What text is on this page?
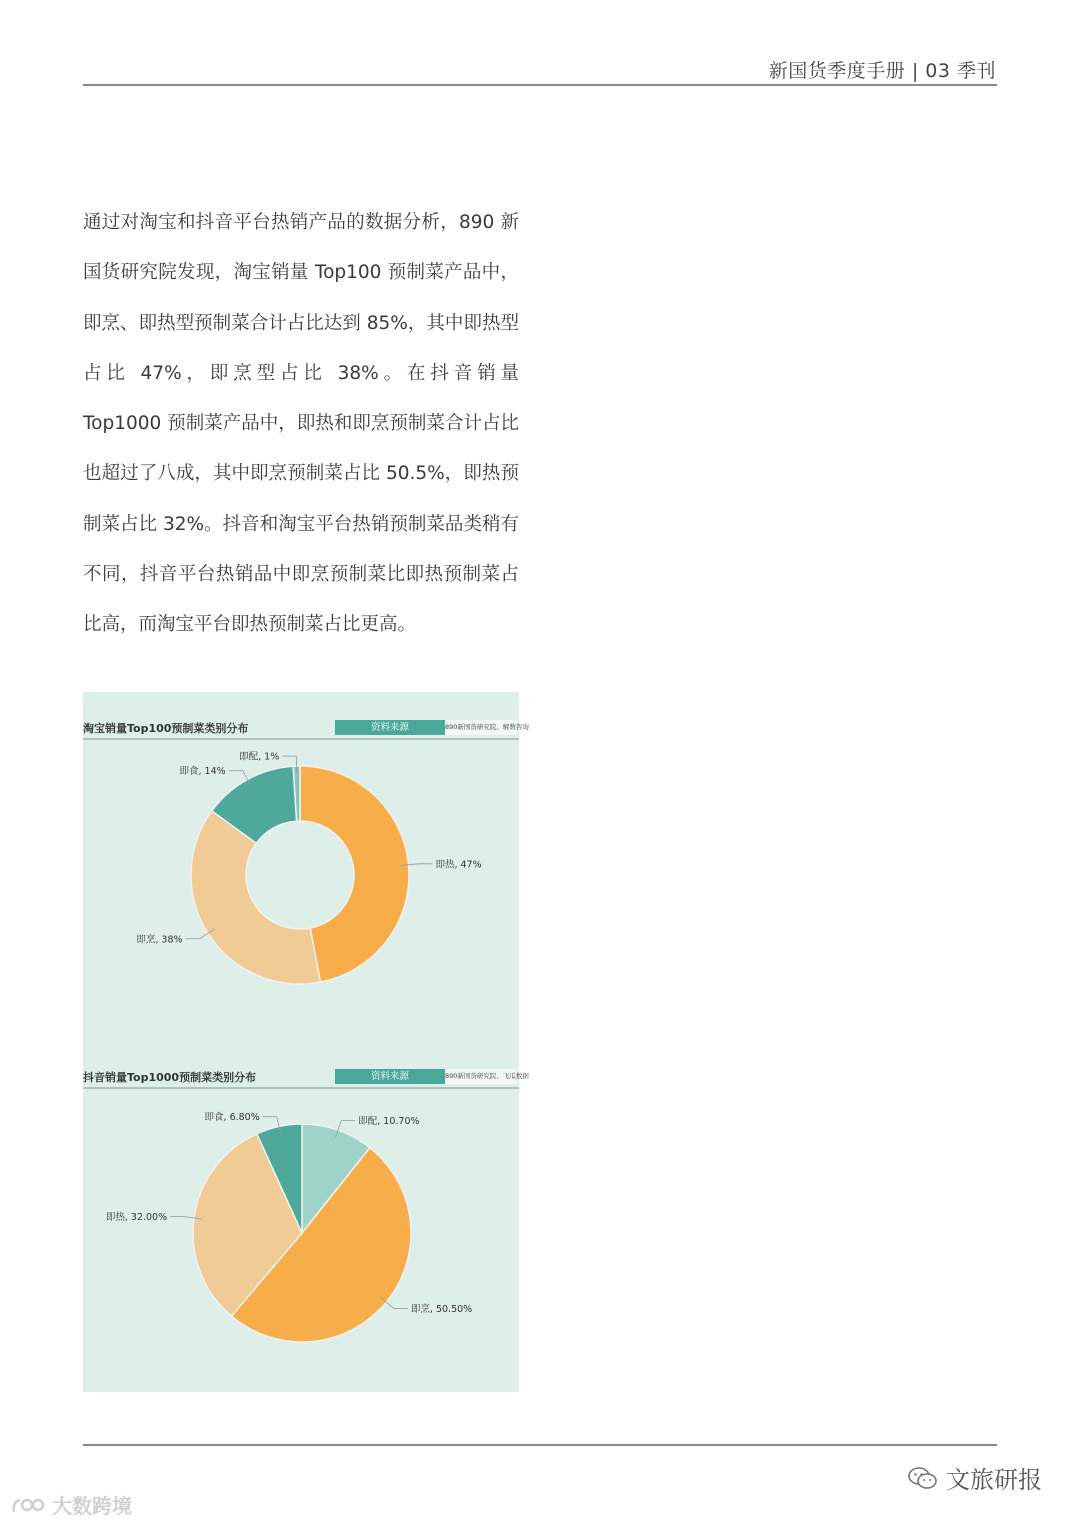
新国货季度手册 | 03 季刊

通过对淘宝和抖音平台热销产品的数据分析，890 新国货研究院发现，淘宝销量 Top100 预制菜产品中，即烹、即热型预制菜合计占比达到 85%，其中即热型占比 47%，即烹型占比 38%。在抖音销量 Top1000 预制菜产品中，即热和即烹预制菜合计占比也超过了八成，其中即烹预制菜占比 50.5%，即热预制菜占比 32%。抖音和淘宝平台热销预制菜品类稍有不同，抖音平台热销品中即烹预制菜比即热预制菜占比高，而淘宝平台即热预制菜占比更高。

淘宝销量Top100预制菜类别分布	资料来源	890新国货研究院、解数咨询
即热, 47%
即烹, 38%
即食, 14%
即配, 1%
抖音销量Top1000预制菜类别分布	资料来源	890新国货研究院、飞瓜数据
即配, 10.70%
即烹, 50.50%
即热, 32.00%
即食, 6.80%
文旅研报
大数跨境
